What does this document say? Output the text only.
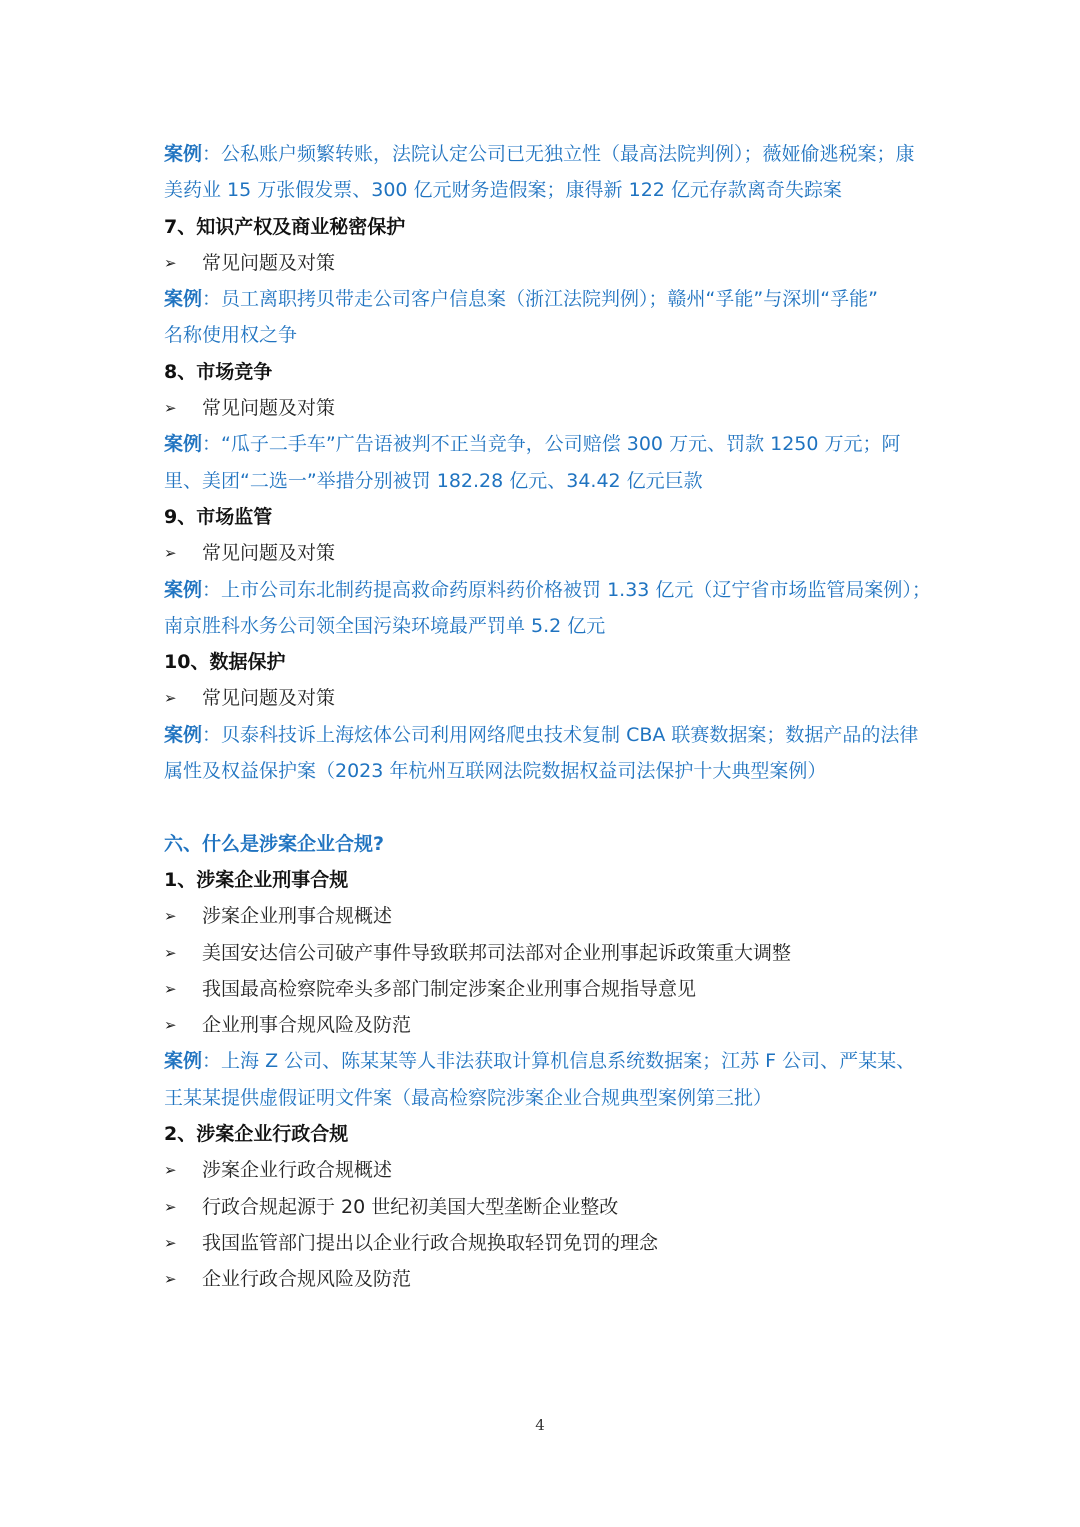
案例：公私账户频繁转账，法院认定公司已无独立性（最高法院判例）；薇娅偷逃税案；康
美药业 15 万张假发票、300 亿元财务造假案；康得新 122 亿元存款离奇失踪案
7、知识产权及商业秘密保护
➢	常见问题及对策
案例：员工离职拷贝带走公司客户信息案（浙江法院判例）；赣州“孚能”与深圳“孚能”
名称使用权之争
8、市场竞争
➢	常见问题及对策
案例：“瓜子二手车”广告语被判不正当竞争，公司赔偿 300 万元、罚款 1250 万元；阿
里、美团“二选一”举措分别被罚 182.28 亿元、34.42 亿元巨款
9、市场监管
➢	常见问题及对策
案例：上市公司东北制药提高救命药原料药价格被罚 1.33 亿元（辽宁省市场监管局案例）；
南京胜科水务公司领全国污染环境最严罚单 5.2 亿元
10、数据保护
➢	常见问题及对策
案例：贝泰科技诉上海炫体公司利用网络爬虫技术复制 CBA 联赛数据案；数据产品的法律
属性及权益保护案（2023 年杭州互联网法院数据权益司法保护十大典型案例）
六、什么是涉案企业合规?
1、涉案企业刑事合规
➢	涉案企业刑事合规概述
➢	美国安达信公司破产事件导致联邦司法部对企业刑事起诉政策重大调整
➢	我国最高检察院牵头多部门制定涉案企业刑事合规指导意见
➢	企业刑事合规风险及防范
案例：上海 Z 公司、陈某某等人非法获取计算机信息系统数据案；江苏 F 公司、严某某、
王某某提供虚假证明文件案（最高检察院涉案企业合规典型案例第三批）
2、涉案企业行政合规
➢	涉案企业行政合规概述
➢	行政合规起源于 20 世纪初美国大型垄断企业整改
➢	我国监管部门提出以企业行政合规换取轻罚免罚的理念
➢	企业行政合规风险及防范
4
